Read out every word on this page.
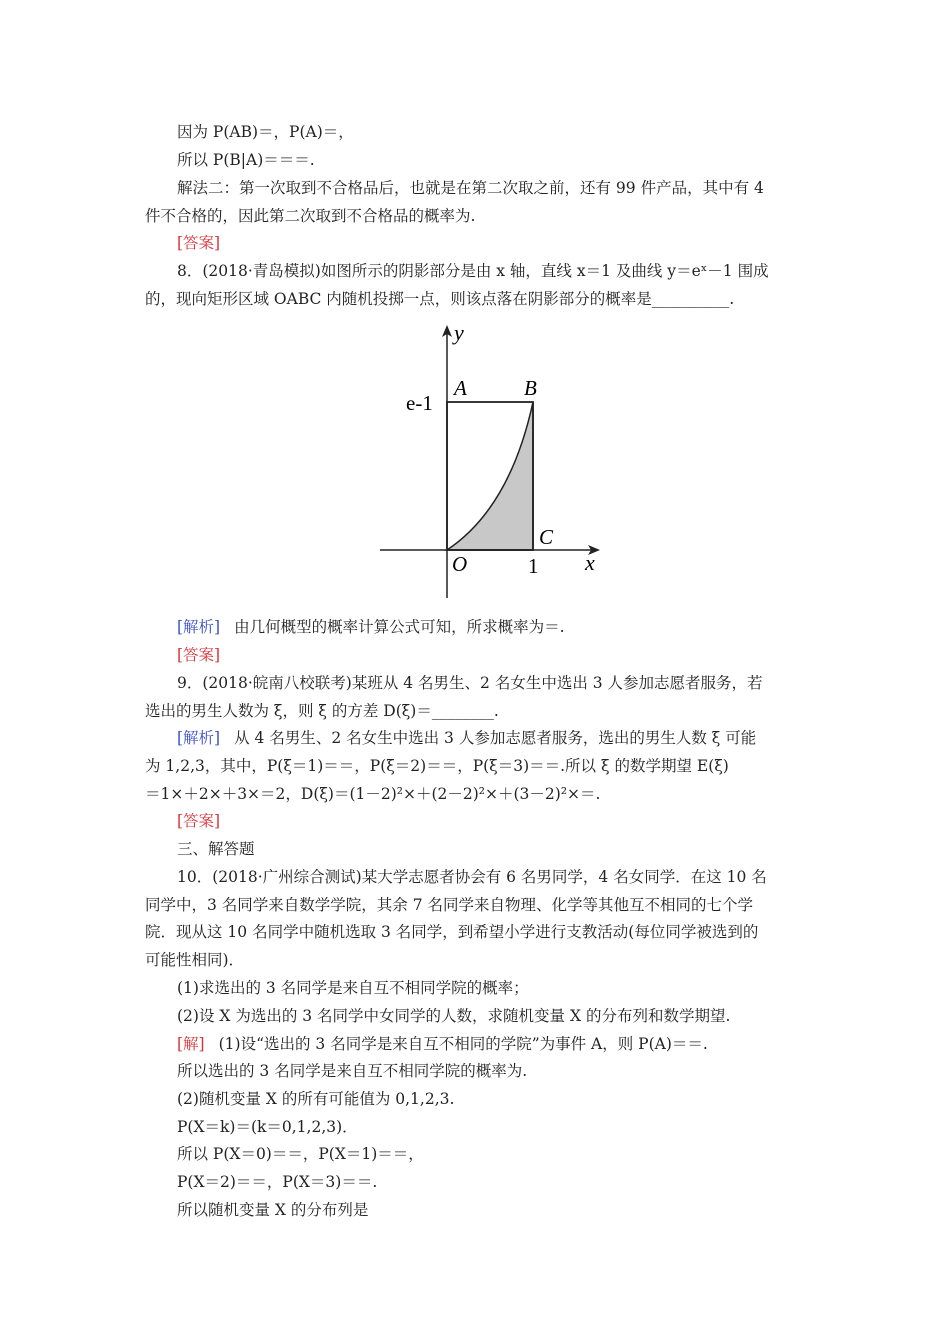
因为 P(AB)＝，P(A)＝，
所以 P(B|A)＝＝＝.
解法二：第一次取到不合格品后，也就是在第二次取之前，还有 99 件产品，其中有 4
件不合格的，因此第二次取到不合格品的概率为.
[答案]
8．(2018·青岛模拟)如图所示的阴影部分是由 x 轴，直线 x＝1 及曲线 y＝eˣ－1 围成
的，现向矩形区域 OABC 内随机投掷一点，则该点落在阴影部分的概率是__________.
y
x
A	B
C
O
e-1
1
[解析] 由几何概型的概率计算公式可知，所求概率为＝.
[答案]
9．(2018·皖南八校联考)某班从 4 名男生、2 名女生中选出 3 人参加志愿者服务，若
选出的男生人数为 ξ，则 ξ 的方差 D(ξ)＝________.
[解析] 从 4 名男生、2 名女生中选出 3 人参加志愿者服务，选出的男生人数 ξ 可能
为 1,2,3，其中，P(ξ＝1)＝＝，P(ξ＝2)＝＝，P(ξ＝3)＝＝.所以 ξ 的数学期望 E(ξ)
＝1×＋2×＋3×＝2，D(ξ)＝(1－2)²×＋(2－2)²×＋(3－2)²×＝.
[答案]
三、解答题
10．(2018·广州综合测试)某大学志愿者协会有 6 名男同学，4 名女同学．在这 10 名
同学中，3 名同学来自数学学院，其余 7 名同学来自物理、化学等其他互不相同的七个学
院．现从这 10 名同学中随机选取 3 名同学，到希望小学进行支教活动(每位同学被选到的
可能性相同)．
(1)求选出的 3 名同学是来自互不相同学院的概率；
(2)设 X 为选出的 3 名同学中女同学的人数，求随机变量 X 的分布列和数学期望.
[解] (1)设“选出的 3 名同学是来自互不相同的学院”为事件 A，则 P(A)＝＝.
所以选出的 3 名同学是来自互不相同学院的概率为.
(2)随机变量 X 的所有可能值为 0,1,2,3.
P(X＝k)＝(k＝0,1,2,3)．
所以 P(X＝0)＝＝，P(X＝1)＝＝，
P(X＝2)＝＝，P(X＝3)＝＝.
所以随机变量 X 的分布列是
